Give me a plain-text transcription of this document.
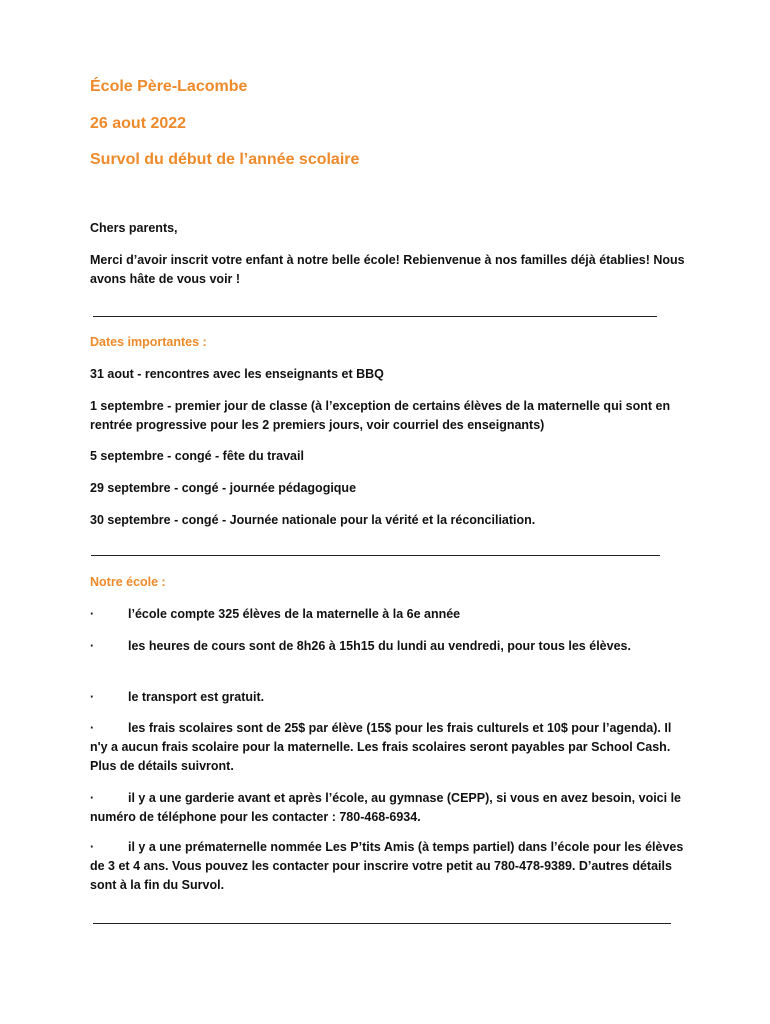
École Père-Lacombe
26 aout 2022
Survol du début de l’année scolaire

Chers parents,

Merci d’avoir inscrit votre enfant à notre belle école! Rebienvenue à nos familles déjà établies! Nous avons hâte de vous voir !

Dates importantes :

31 aout - rencontres avec les enseignants et BBQ

1 septembre - premier jour de classe (à l’exception de certains élèves de la maternelle qui sont en rentrée progressive pour les 2 premiers jours, voir courriel des enseignants)

5 septembre - congé - fête du travail

29 septembre - congé - journée pédagogique

30 septembre - congé - Journée nationale pour la vérité et la réconciliation.

Notre école :

·	l’école compte 325 élèves de la maternelle à la 6e année

·	les heures de cours sont de 8h26 à 15h15 du lundi au vendredi, pour tous les élèves.

·	le transport est gratuit.

·	les frais scolaires sont de 25$ par élève (15$ pour les frais culturels et 10$ pour l’agenda). Il n'y a aucun frais scolaire pour la maternelle. Les frais scolaires seront payables par School Cash. Plus de détails suivront.

·	il y a une garderie avant et après l’école, au gymnase (CEPP), si vous en avez besoin, voici le numéro de téléphone pour les contacter : 780-468-6934.

·	il y a une prématernelle nommée Les P’tits Amis (à temps partiel) dans l’école pour les élèves de 3 et 4 ans. Vous pouvez les contacter pour inscrire votre petit au 780-478-9389. D’autres détails sont à la fin du Survol.
